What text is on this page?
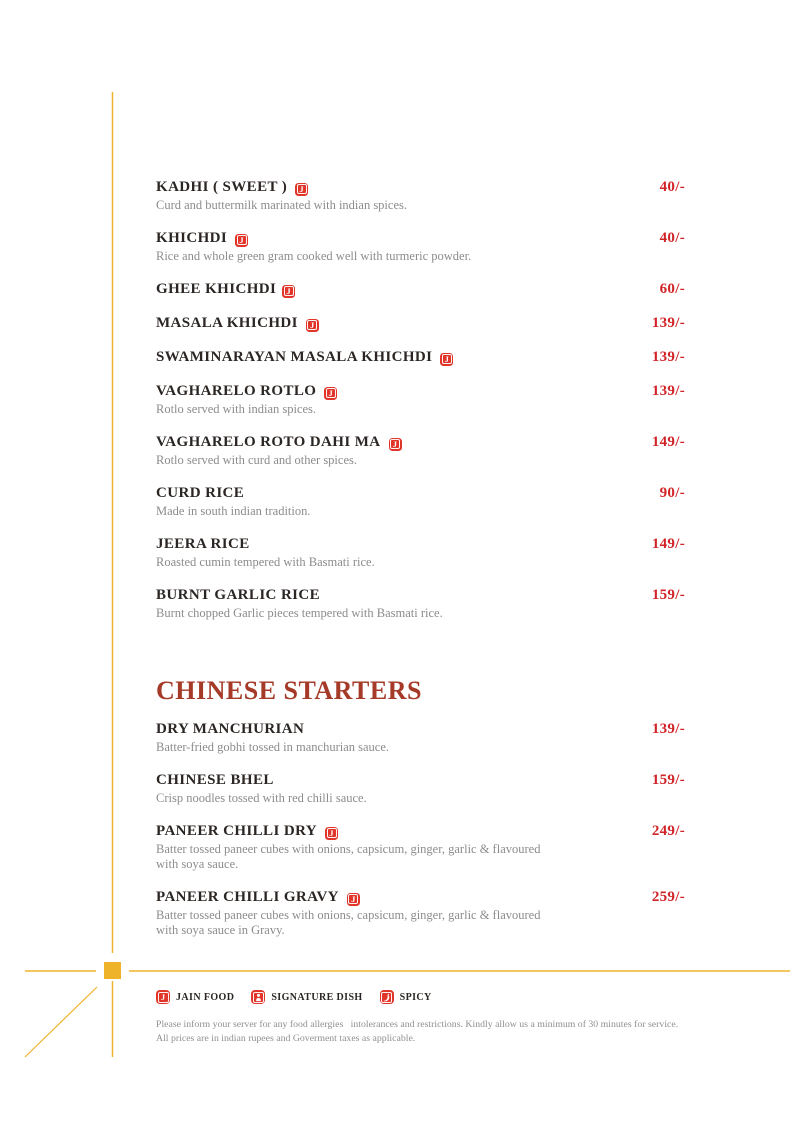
KADHI ( SWEET ) J	40/-
Curd and buttermilk marinated with indian spices.
KHICHDI J	40/-
Rice and whole green gram cooked well with turmeric powder.
GHEE KHICHDI J	60/-
MASALA KHICHDI J	139/-
SWAMINARAYAN MASALA KHICHDI J	139/-
VAGHARELO ROTLO J	139/-
Rotlo served with indian spices.
VAGHARELO ROTO DAHI MA J	149/-
Rotlo served with curd and other spices.
CURD RICE	90/-
Made in south indian tradition.
JEERA RICE	149/-
Roasted cumin tempered with Basmati rice.
BURNT GARLIC RICE	159/-
Burnt chopped Garlic pieces tempered with Basmati rice.
CHINESE STARTERS
DRY MANCHURIAN	139/-
Batter-fried gobhi tossed in manchurian sauce.
CHINESE BHEL	159/-
Crisp noodles tossed with red chilli sauce.
PANEER CHILLI DRY J	249/-
Batter tossed paneer cubes with onions, capsicum, ginger, garlic & flavoured with soya sauce.
PANEER CHILLI GRAVY J	259/-
Batter tossed paneer cubes with onions, capsicum, ginger, garlic & flavoured with soya sauce in Gravy.
J JAIN FOOD	SIGNATURE DISH	SPICY
Please inform your server for any food allergies   intolerances and restrictions. Kindly allow us a minimum of 30 minutes for service.
All prices are in indian rupees and Goverment taxes as applicable.
